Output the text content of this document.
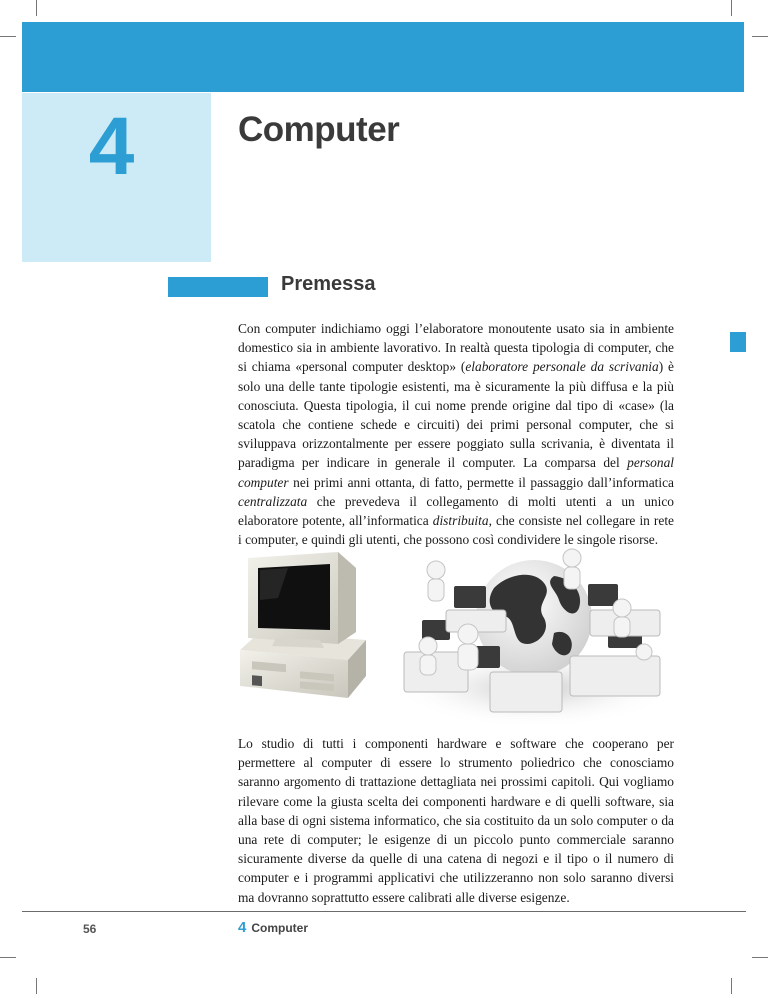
4	Computer
Premessa

Con computer indichiamo oggi l’elaboratore monoutente usato sia in ambiente domestico sia in ambiente lavorativo. In realtà questa tipologia di computer, che si chiama «personal computer desktop» (elaboratore personale da scrivania) è solo una delle tante tipologie esistenti, ma è sicuramente la più diffusa e la più conosciuta. Questa tipologia, il cui nome prende origine dal tipo di «case» (la scatola che contiene schede e circuiti) dei primi personal computer, che si sviluppava orizzontalmente per essere poggiato sulla scrivania, è diventata il paradigma per indicare in generale il computer. La comparsa del personal computer nei primi anni ottanta, di fatto, permette il passaggio dall’informatica centralizzata che prevedeva il collegamento di molti utenti a un unico elaboratore potente, all’informatica distribuita, che consiste nel collegare in rete i computer, e quindi gli utenti, che possono così condividere le singole risorse.

Lo studio di tutti i componenti hardware e software che cooperano per permettere al computer di essere lo strumento poliedrico che conosciamo saranno argomento di trattazione dettagliata nei prossimi capitoli. Qui vogliamo rilevare come la giusta scelta dei componenti hardware e di quelli software, sia alla base di ogni sistema informatico, che sia costituito da un solo computer o da una rete di computer; le esigenze di un piccolo punto commerciale saranno sicuramente diverse da quelle di una catena di negozi e il tipo o il numero di computer e i programmi applicativi che utilizzeranno non solo saranno diversi ma dovranno soprattutto essere calibrati alle diverse esigenze.

56	4 Computer
